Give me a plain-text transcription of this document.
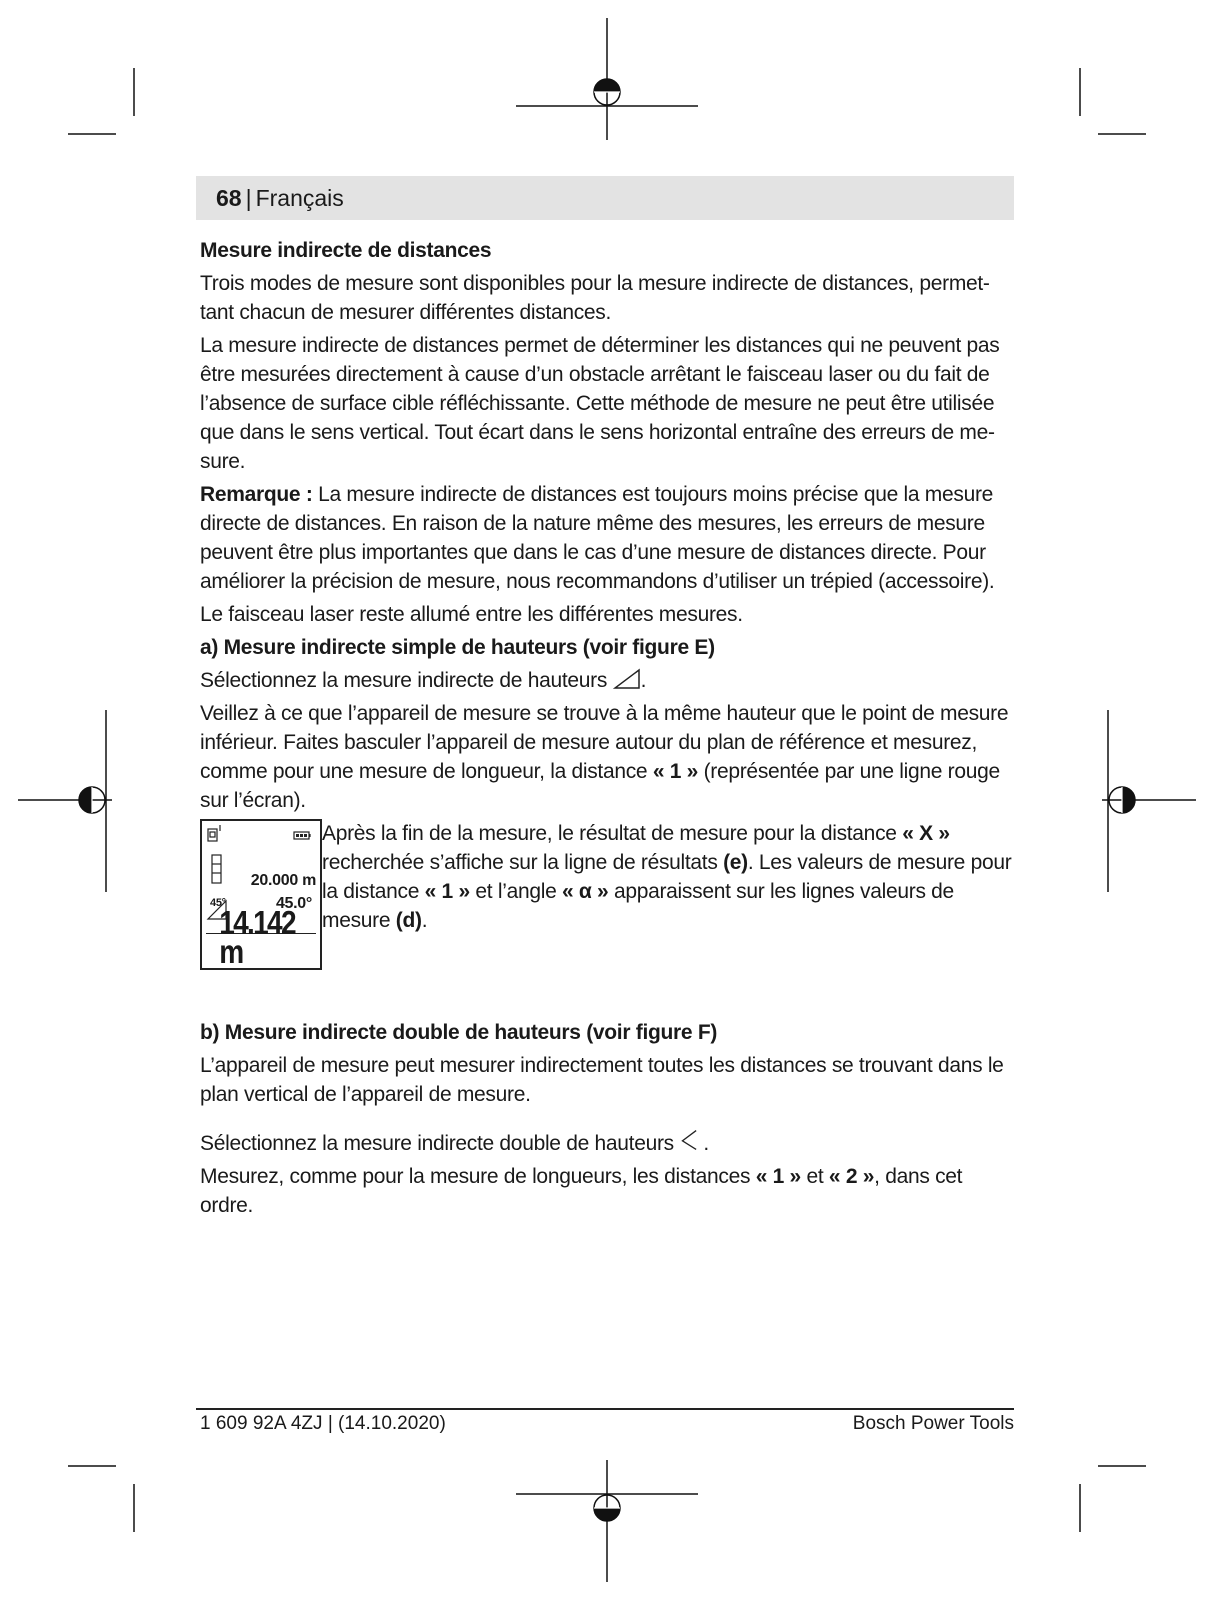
68 | Français
Mesure indirecte de distances

Trois modes de mesure sont disponibles pour la mesure indirecte de distances, permettant chacun de mesurer différentes distances.

La mesure indirecte de distances permet de déterminer les distances qui ne peuvent pas être mesurées directement à cause d’un obstacle arrêtant le faisceau laser ou du fait de l’absence de surface cible réfléchissante. Cette méthode de mesure ne peut être utilisée que dans le sens vertical. Tout écart dans le sens horizontal entraîne des erreurs de mesure.

Remarque : La mesure indirecte de distances est toujours moins précise que la mesure directe de distances. En raison de la nature même des mesures, les erreurs de mesure peuvent être plus importantes que dans le cas d’une mesure de distances directe. Pour améliorer la précision de mesure, nous recommandons d’utiliser un trépied (accessoire).

Le faisceau laser reste allumé entre les différentes mesures.

a) Mesure indirecte simple de hauteurs (voir figure E)

Sélectionnez la mesure indirecte de hauteurs .

Veillez à ce que l’appareil de mesure se trouve à la même hauteur que le point de mesure inférieur. Faites basculer l’appareil de mesure autour du plan de référence et mesurez, comme pour une mesure de longueur, la distance « 1 » (représentée par une ligne rouge sur l’écran).

20.000 m
45°	45.0°
14.142 m

Après la fin de la mesure, le résultat de mesure pour la distance « X » recherchée s’affiche sur la ligne de résultats (e). Les valeurs de mesure pour la distance « 1 » et l’angle « α » apparaissent sur les lignes valeurs de mesure (d).

b) Mesure indirecte double de hauteurs (voir figure F)

L’appareil de mesure peut mesurer indirectement toutes les distances se trouvant dans le plan vertical de l’appareil de mesure.

Sélectionnez la mesure indirecte double de hauteurs .

Mesurez, comme pour la mesure de longueurs, les distances « 1 » et « 2 », dans cet ordre.

1 609 92A 4ZJ | (14.10.2020)	Bosch Power Tools
